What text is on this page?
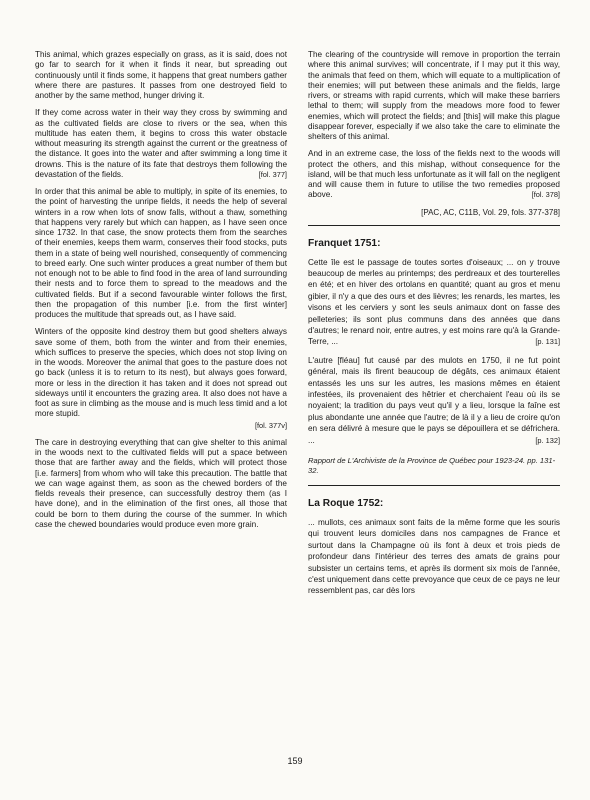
This animal, which grazes especially on grass, as it is said, does not go far to search for it when it finds it near, but spreading out continuously until it finds some, it happens that great numbers gather where there are pastures. It passes from one destroyed field to another by the same method, hunger driving it.

If they come across water in their way they cross by swimming and as the cultivated fields are close to rivers or the sea, when this multitude has eaten them, it begins to cross this water obstacle without measuring its strength against the current or the greatness of the distance. It goes into the water and after swimming a long time it drowns. This is the nature of its fate that destroys them following the devastation of the fields.	[fol. 377]

In order that this animal be able to multiply, in spite of its enemies, to the point of harvesting the unripe fields, it needs the help of several winters in a row when lots of snow falls, without a thaw, something that happens very rarely but which can happen, as I have seen once since 1732. In that case, the snow protects them from the searches of their enemies, keeps them warm, conserves their food stocks, puts them in a state of being well nourished, consequently of commencing to breed early. One such winter produces a great number of them but not enough not to be able to find food in the area of land surrounding their nests and to force them to spread to the meadows and the cultivated fields. But if a second favourable winter follows the first, then the propagation of this number [i.e. from the first winter] produces the multitude that spreads out, as I have said.

Winters of the opposite kind destroy them but good shelters always save some of them, both from the winter and from their enemies, which suffices to preserve the species, which does not stop living on in the woods. Moreover the animal that goes to the pasture does not go back (unless it is to return to its nest), but always goes forward, more or less in the direction it has taken and it does not spread out sideways until it encounters the grazing area. It also does not have a foot as sure in climbing as the mouse and is much less timid and a lot more stupid.
[fol. 377v]

The care in destroying everything that can give shelter to this animal in the woods next to the cultivated fields will put a space between those that are farther away and the fields, which will protect those [i.e. farmers] from whom who will take this precaution. The battle that we can wage against them, as soon as the chewed borders of the fields reveals their presence, can successfully destroy them (as I have done), and in the elimination of the first ones, all those that could be born to them during the course of the summer. In which case the chewed boundaries would produce even more grain.

The clearing of the countryside will remove in proportion the terrain where this animal survives; will concentrate, if I may put it this way, the animals that feed on them, which will equate to a multiplication of their enemies; will put between these animals and the fields, large rivers, or streams with rapid currents, which will make these barriers lethal to them; will supply from the meadows more food to fewer enemies, which will protect the fields; and [this] will make this plague disappear forever, especially if we also take the care to eliminate the shelters of this animal.

And in an extreme case, the loss of the fields next to the woods will protect the others, and this mishap, without consequence for the island, will be that much less unfortunate as it will fall on the negligent and will cause them in future to utilise the two remedies proposed above.	[fol. 378]

[PAC, AC, C11B, Vol. 29, fols. 377-378]
Franquet 1751:

Cette île est le passage de toutes sortes d'oiseaux; ... on y trouve beaucoup de merles au printemps; des perdreaux et des tourterelles en été; et en hiver des ortolans en quantité; quant au gros et menu gibier, il n'y a que des ours et des lièvres; les renards, les martes, les visons et les cerviers y sont les seuls animaux dont on fasse des pelleteries; ils sont plus communs dans des années que dans d'autres; le renard noir, entre autres, y est moins rare qu'à la Grande-Terre, ...	[p. 131]

L'autre [fléau] fut causé par des mulots en 1750, il ne fut point général, mais ils firent beaucoup de dégâts, ces animaux étaient entassés les uns sur les autres, les masions mêmes en étaient infestées, ils provenaient des hêtrier et cherchaient l'eau où ils se noyaient; la tradition du pays veut qu'il y a lieu, lorsque la faîne est plus abondante une année que l'autre; de là il y a lieu de croire qu'on en sera délivré à mesure que le pays se dépouillera et se défrichera. ...	[p. 132]

Rapport de L'Archiviste de la Province de Québec pour 1923-24. pp. 131-32.
La Roque 1752:

... mullots, ces animaux sont faits de la même forme que les souris qui trouvent leurs domiciles dans nos campagnes de France et surtout dans la Champagne où ils font à deux et trois pieds de profondeur dans l'intérieur des terres des amats de grains pour subsister un certains tems, et après ils dorment six mois de l'année, c'est uniquement dans cette prevoyance que ceux de ce pays ne leur ressemblent pas, car dès lors

159
